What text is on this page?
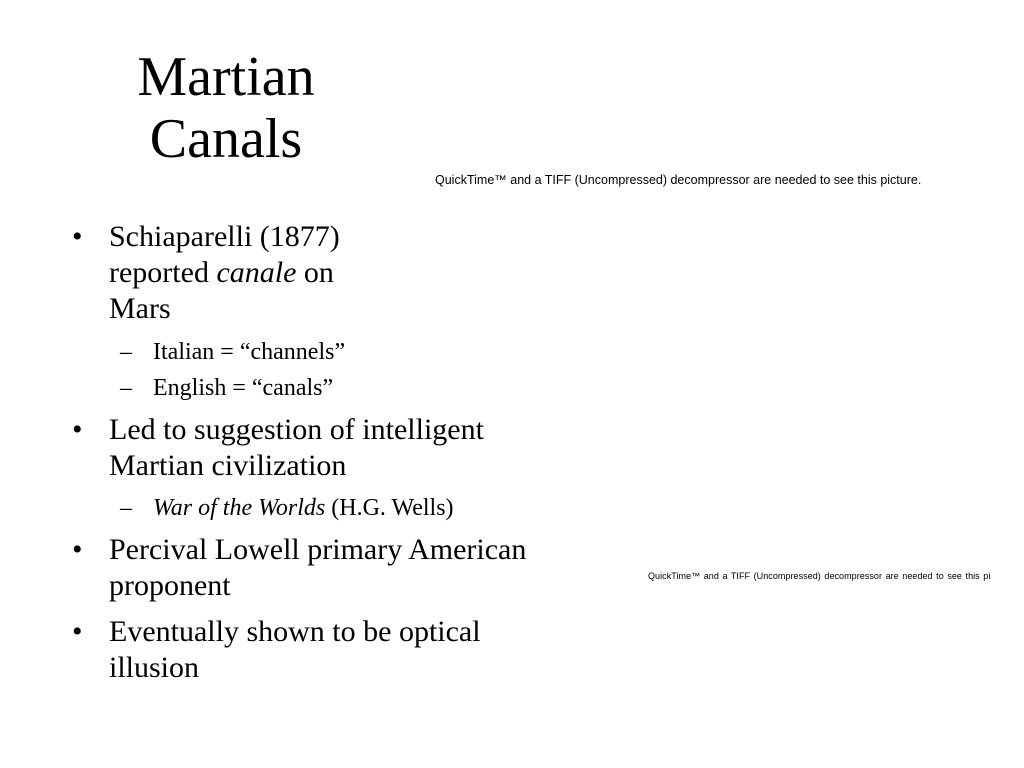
Martian
Canals
QuickTime™ and a TIFF (Uncompressed) decompressor are needed to see this picture.
QuickTime™ and a TIFF (Uncompressed) decompressor are needed to see this pi
• Schiaparelli (1877)
reported canale on
Mars
– Italian = “channels”
– English = “canals”
• Led to suggestion of intelligent
Martian civilization
– War of the Worlds (H.G. Wells)
• Percival Lowell primary American
proponent
• Eventually shown to be optical
illusion
